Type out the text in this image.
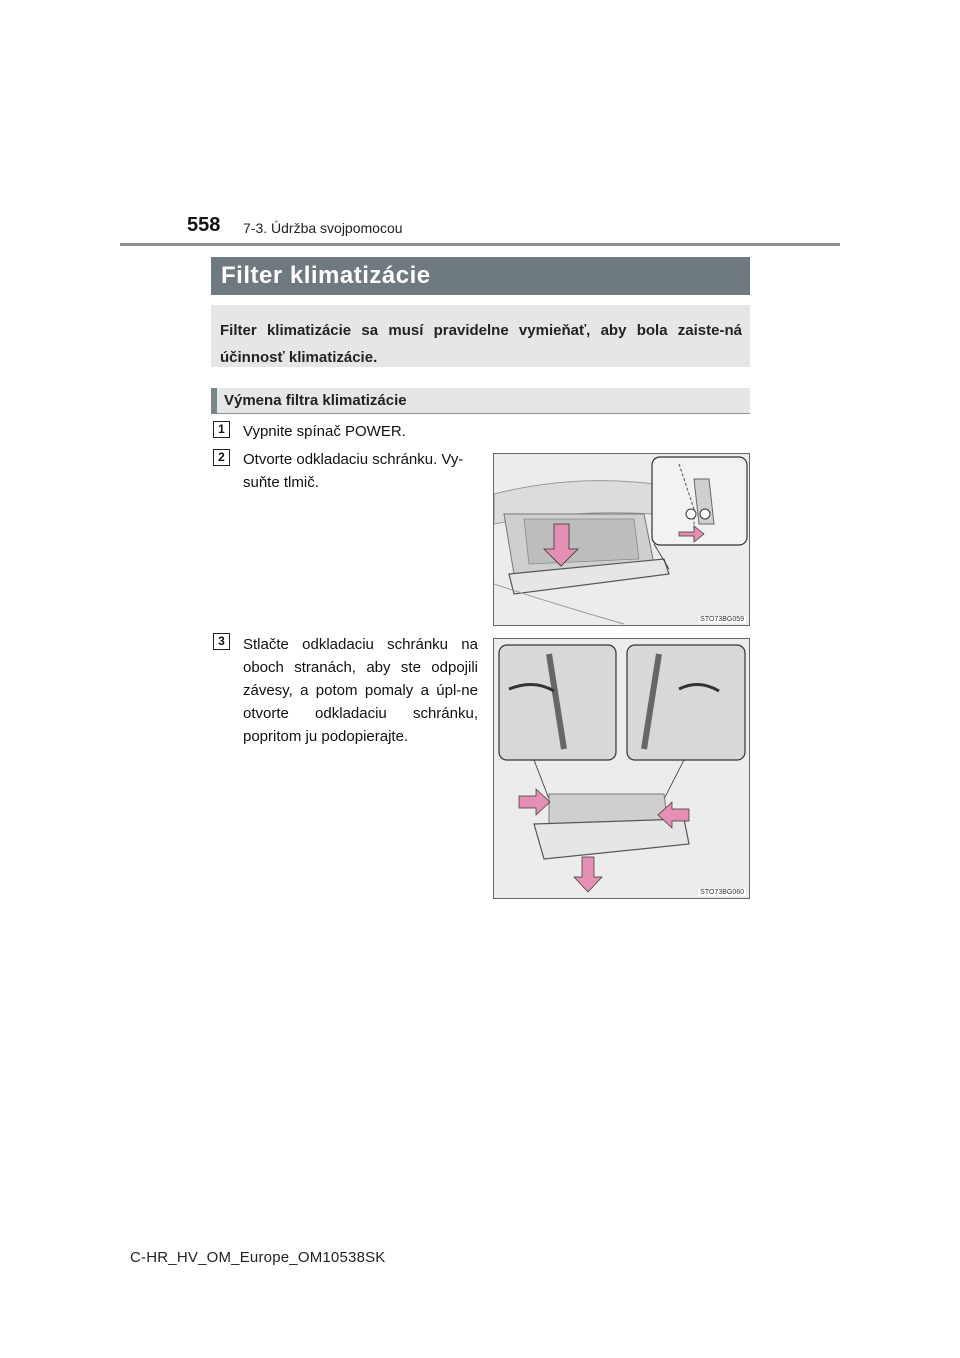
558 7-3. Údržba svojpomocou
Filter klimatizácie
Filter klimatizácie sa musí pravidelne vymieňať, aby bola zaiste-ná účinnosť klimatizácie.
Výmena filtra klimatizácie
1	Vypnite spínač POWER.
2	Otvorte odkladaciu schránku. Vy-suňte tlmič.
STO73BG059
3	Stlačte odkladaciu schránku na oboch stranách, aby ste odpojili závesy, a potom pomaly a úpl-ne otvorte odkladaciu schránku, popritom ju podopierajte.
STO73BG060
C-HR_HV_OM_Europe_OM10538SK
